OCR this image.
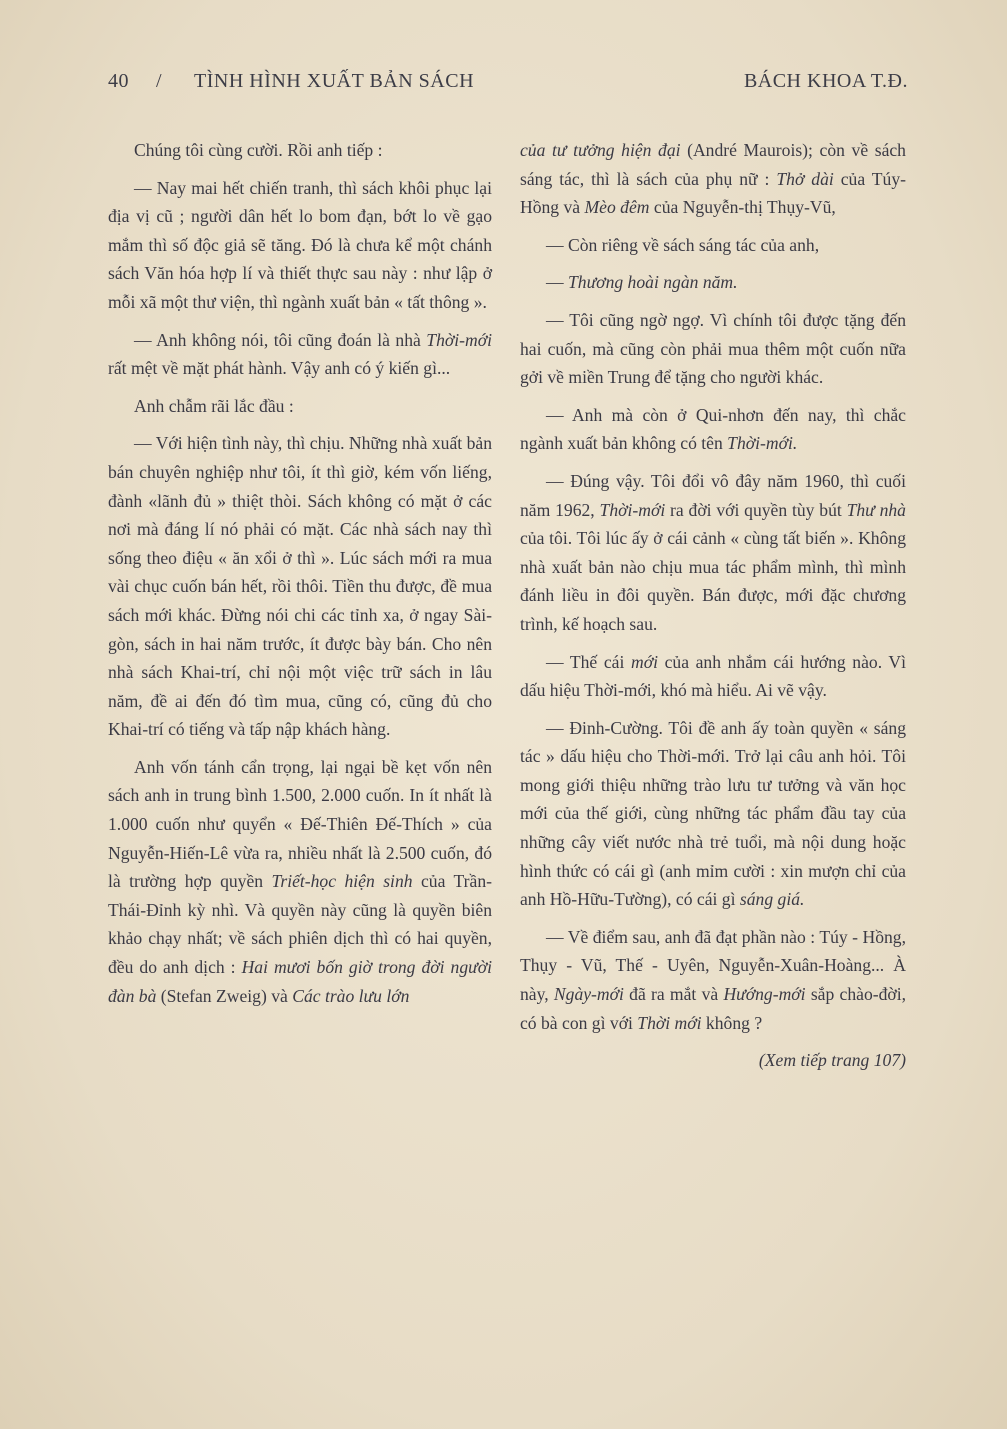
40 / TÌNH HÌNH XUẤT BẢN SÁCH	BÁCH KHOA T.Đ.

Chúng tôi cùng cười. Rồi anh tiếp :

— Nay mai hết chiến tranh, thì sách khôi phục lại địa vị cũ ; người dân hết lo bom đạn, bớt lo về gạo mắm thì số độc giả sẽ tăng. Đó là chưa kể một chánh sách Văn hóa hợp lí và thiết thực sau này : như lập ở mỗi xã một thư viện, thì ngành xuất bản « tất thông ».

— Anh không nói, tôi cũng đoán là nhà Thời-mới rất mệt về mặt phát hành. Vậy anh có ý kiến gì...

Anh chẫm rãi lắc đầu :

— Với hiện tình này, thì chịu. Những nhà xuất bản bán chuyên nghiệp như tôi, ít thì giờ, kém vốn liếng, đành «lãnh đủ » thiệt thòi. Sách không có mặt ở các nơi mà đáng lí nó phải có mặt. Các nhà sách nay thì sống theo điệu « ăn xổi ở thì ». Lúc sách mới ra mua vài chục cuốn bán hết, rồi thôi. Tiền thu được, đề mua sách mới khác. Đừng nói chi các tỉnh xa, ở ngay Sài-gòn, sách in hai năm trước, ít được bày bán. Cho nên nhà sách Khai-trí, chỉ nội một việc trữ sách in lâu năm, đề ai đến đó tìm mua, cũng có, cũng đủ cho Khai-trí có tiếng và tấp nập khách hàng.

Anh vốn tánh cẩn trọng, lại ngại bề kẹt vốn nên sách anh in trung bình 1.500, 2.000 cuốn. In ít nhất là 1.000 cuốn như quyển « Đế-Thiên Đế-Thích » của Nguyễn-Hiến-Lê vừa ra, nhiều nhất là 2.500 cuốn, đó là trường hợp quyền Triết-học hiện sinh của Trần-Thái-Đỉnh kỳ nhì. Và quyền này cũng là quyền biên khảo chạy nhất; về sách phiên dịch thì có hai quyền, đều do anh dịch : Hai mươi bốn giờ trong đời người đàn bà (Stefan Zweig) và Các trào lưu lớn

của tư tưởng hiện đại (André Maurois); còn về sách sáng tác, thì là sách của phụ nữ : Thở dài của Túy-Hồng và Mèo đêm của Nguyễn-thị Thụy-Vũ,

— Còn riêng về sách sáng tác của anh,

— Thương hoài ngàn năm.

— Tôi cũng ngờ ngợ. Vì chính tôi được tặng đến hai cuốn, mà cũng còn phải mua thêm một cuốn nữa gởi về miền Trung để tặng cho người khác.

— Anh mà còn ở Qui-nhơn đến nay, thì chắc ngành xuất bản không có tên Thời-mới.

— Đúng vậy. Tôi đổi vô đây năm 1960, thì cuối năm 1962, Thời-mới ra đời với quyền tùy bút Thư nhà của tôi. Tôi lúc ấy ở cái cảnh « cùng tất biến ». Không nhà xuất bản nào chịu mua tác phẩm mình, thì mình đánh liều in đôi quyền. Bán được, mới đặc chương trình, kế hoạch sau.

— Thế cái mới của anh nhắm cái hướng nào. Vì dấu hiệu Thời-mới, khó mà hiểu. Ai vẽ vậy.

— Đinh-Cường. Tôi đề anh ấy toàn quyền « sáng tác » dấu hiệu cho Thời-mới. Trở lại câu anh hỏi. Tôi mong giới thiệu những trào lưu tư tưởng và văn học mới của thế giới, cùng những tác phẩm đầu tay của những cây viết nước nhà trẻ tuổi, mà nội dung hoặc hình thức có cái gì (anh mỉm cười : xin mượn chỉ của anh Hồ-Hữu-Tường), có cái gì sáng giá.

— Về điểm sau, anh đã đạt phần nào : Túy - Hồng, Thụy - Vũ, Thế - Uyên, Nguyễn-Xuân-Hoàng... À này, Ngày-mới đã ra mắt và Hướng-mới sắp chào-đời, có bà con gì với Thời mới không ?

(Xem tiếp trang 107)
